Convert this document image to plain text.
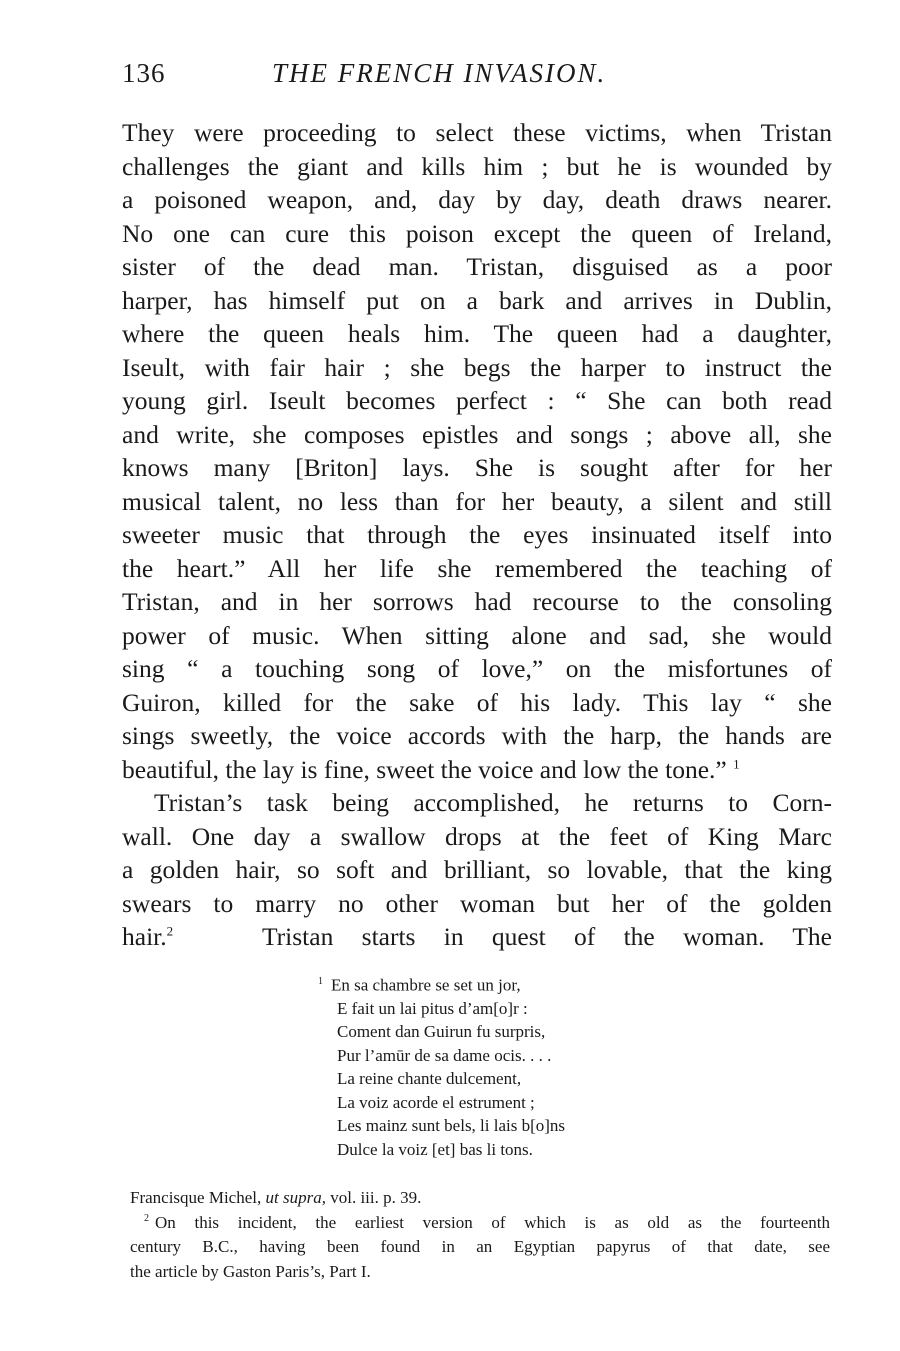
136	THE FRENCH INVASION.
They were proceeding to select these victims, when Tristan
challenges the giant and kills him ; but he is wounded by
a poisoned weapon, and, day by day, death draws nearer.
No one can cure this poison except the queen of Ireland,
sister of the dead man. Tristan, disguised as a poor
harper, has himself put on a bark and arrives in Dublin,
where the queen heals him. The queen had a daughter,
Iseult, with fair hair ; she begs the harper to instruct the
young girl. Iseult becomes perfect : “ She can both read
and write, she composes epistles and songs ; above all, she
knows many [Briton] lays. She is sought after for her
musical talent, no less than for her beauty, a silent and still
sweeter music that through the eyes insinuated itself into
the heart.” All her life she remembered the teaching of
Tristan, and in her sorrows had recourse to the consoling
power of music. When sitting alone and sad, she would
sing “ a touching song of love,” on the misfortunes of
Guiron, killed for the sake of his lady. This lay “ she
sings sweetly, the voice accords with the harp, the hands are
beautiful, the lay is fine, sweet the voice and low the tone.” $^1$
Tristan’s task being accomplished, he returns to Corn-
wall. One day a swallow drops at the feet of King Marc
a golden hair, so soft and brilliant, so lovable, that the king
swears to marry no other woman but her of the golden
hair.$^2$	Tristan starts in quest of the woman. The
$^1$ En sa chambre se set un jor,
E fait un lai pitus d’am[o]r :
Coment dan Guirun fu surpris,
Pur l’amūr de sa dame ocis. . . .
La reine chante dulcement,
La voiz acorde el estrument ;
Les mainz sunt bels, li lais b[o]ns
Dulce la voiz [et] bas li tons.
Francisque Michel, ut supra, vol. iii. p. 39.
$^2$ On this incident, the earliest version of which is as old as the fourteenth
century B.C., having been found in an Egyptian papyrus of that date, see
the article by Gaston Paris’s, Part I.
